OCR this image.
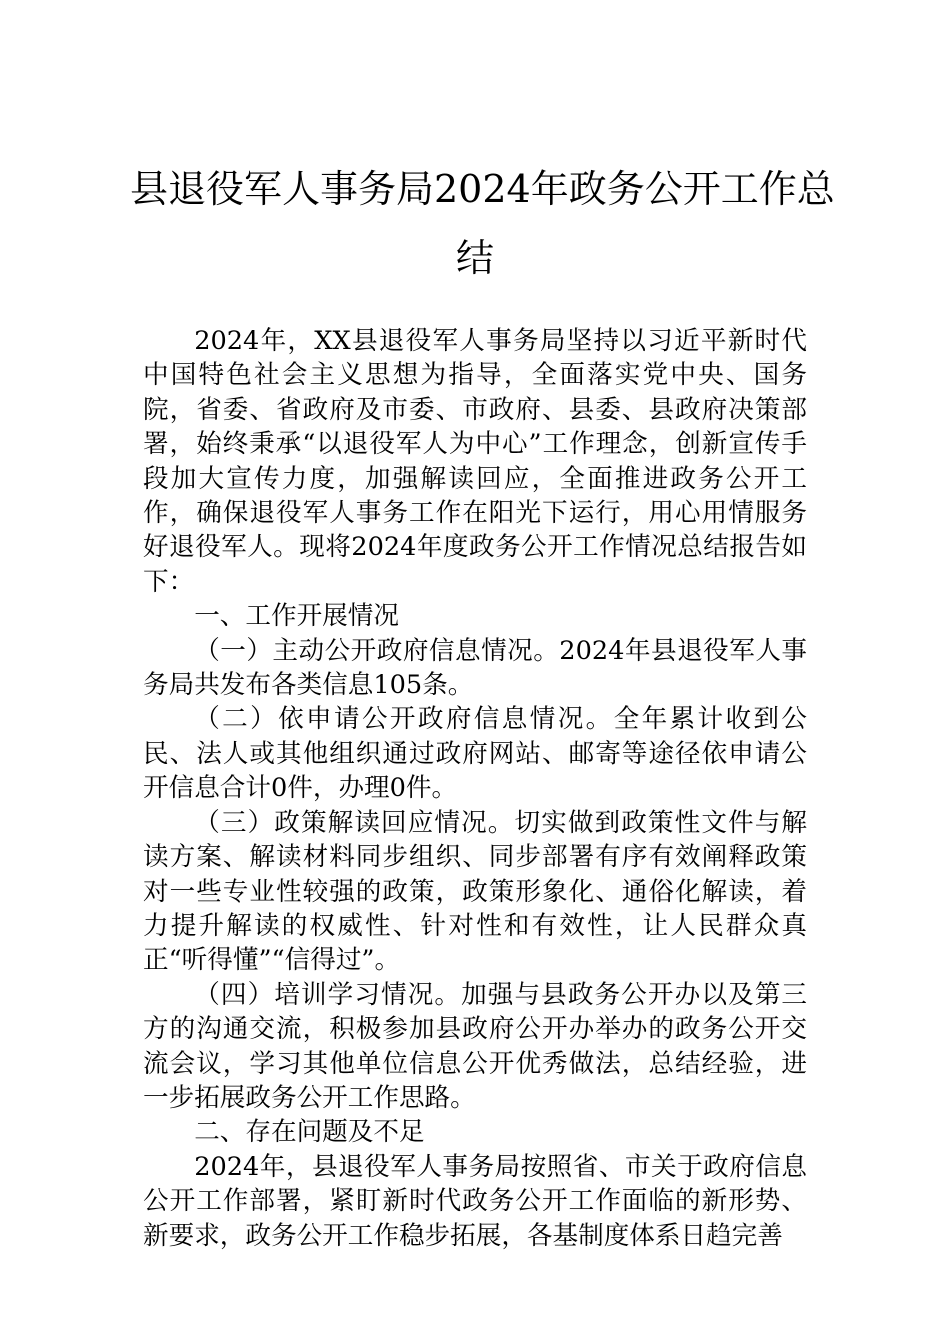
县退役军人事务局2024年政务公开工作总
结

2024年，XX县退役军人事务局坚持以习近平新时代中国特色社会主义思想为指导，全面落实党中央、国务院，省委、省政府及市委、市政府、县委、县政府决策部署，始终秉承“以退役军人为中心”工作理念，创新宣传手段加大宣传力度，加强解读回应，全面推进政务公开工作，确保退役军人事务工作在阳光下运行，用心用情服务好退役军人。现将2024年度政务公开工作情况总结报告如下：

一、工作开展情况

（一）主动公开政府信息情况。2024年县退役军人事务局共发布各类信息105条。

（二）依申请公开政府信息情况。全年累计收到公民、法人或其他组织通过政府网站、邮寄等途径依申请公开信息合计0件，办理0件。

（三）政策解读回应情况。切实做到政策性文件与解读方案、解读材料同步组织、同步部署有序有效阐释政策对一些专业性较强的政策，政策形象化、通俗化解读，着力提升解读的权威性、针对性和有效性，让人民群众真正“听得懂”“信得过”。

（四）培训学习情况。加强与县政务公开办以及第三方的沟通交流，积极参加县政府公开办举办的政务公开交流会议，学习其他单位信息公开优秀做法，总结经验，进一步拓展政务公开工作思路。

二、存在问题及不足

2024年，县退役军人事务局按照省、市关于政府信息公开工作部署，紧盯新时代政务公开工作面临的新形势、新要求，政务公开工作稳步拓展，各基制度体系日趋完善
